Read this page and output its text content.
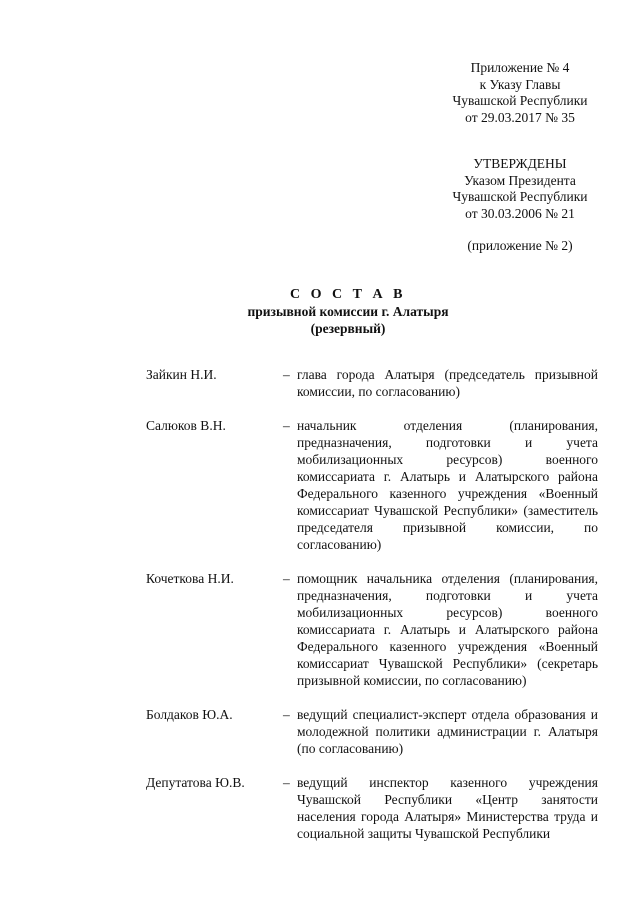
Приложение № 4
к Указу Главы
Чувашской Республики
от 29.03.2017 № 35
УТВЕРЖДЕНЫ
Указом Президента
Чувашской Республики
от 30.03.2006 № 21
(приложение № 2)
С О С Т А В
призывной комиссии г. Алатыря
(резервный)
Зайкин Н.И.	– глава города Алатыря (председатель призывной комиссии, по согласованию)
Салюков В.Н.	– начальник отделения (планирования, предназначения, подготовки и учета мобилизационных ресурсов) военного комиссариата г. Алатырь и Алатырского района Федерального казенного учреждения «Военный комиссариат Чувашской Республики» (заместитель председателя призывной комиссии, по согласованию)
Кочеткова Н.И.	– помощник начальника отделения (планирования, предназначения, подготовки и учета мобилизационных ресурсов) военного комиссариата г. Алатырь и Алатырского района Федерального казенного учреждения «Военный комиссариат Чувашской Республики» (секретарь призывной комиссии, по согласованию)
Болдаков Ю.А.	– ведущий специалист-эксперт отдела образования и молодежной политики администрации г. Алатыря (по согласованию)
Депутатова Ю.В.	– ведущий инспектор казенного учреждения Чувашской Республики «Центр занятости населения города Алатыря» Министерства труда и социальной защиты Чувашской Республики
